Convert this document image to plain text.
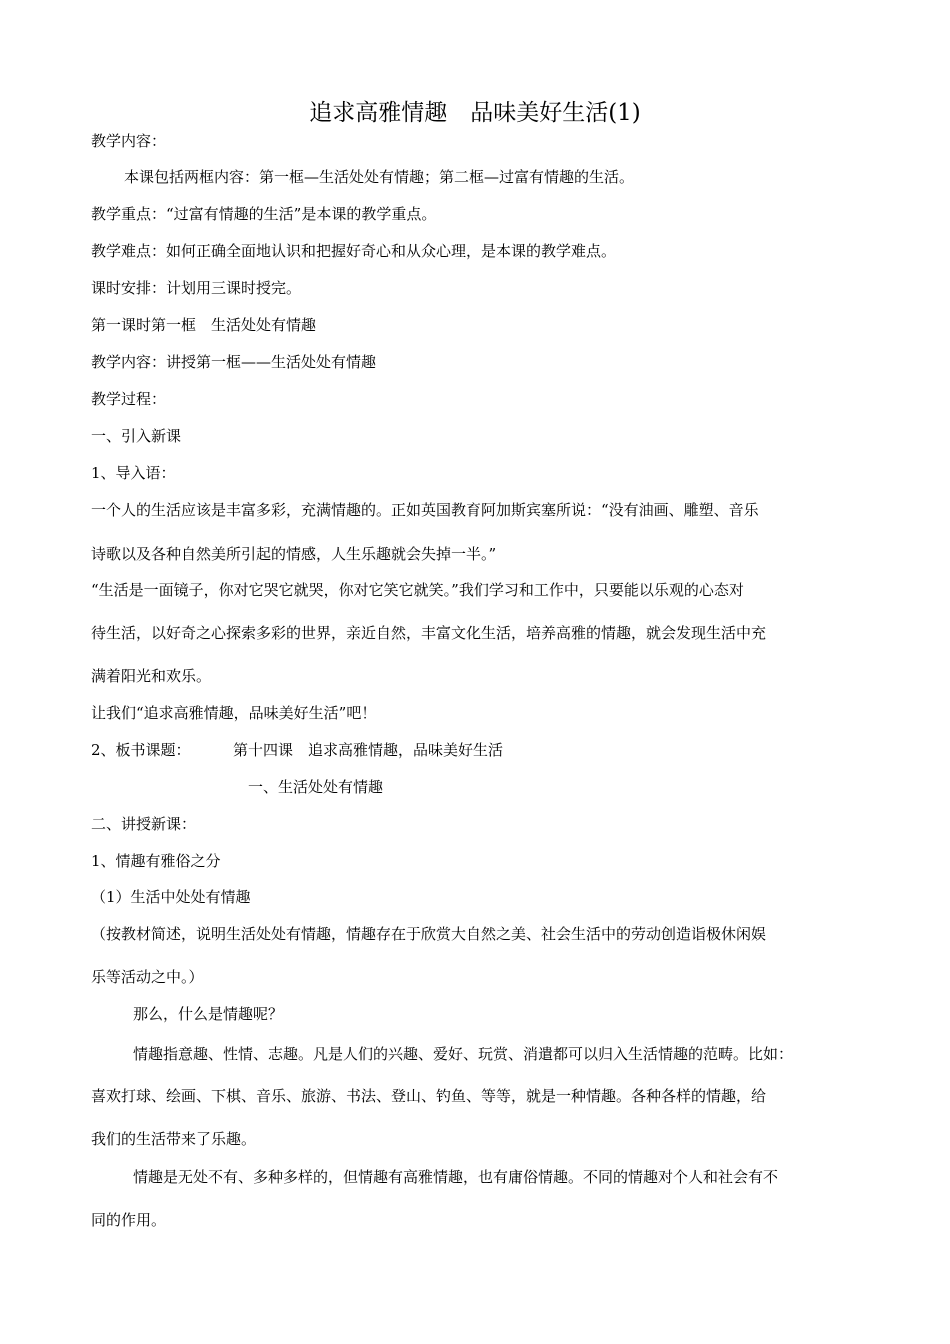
追求高雅情趣　品味美好生活(1)
教学内容：
本课包括两框内容：第一框—生活处处有情趣；第二框—过富有情趣的生活。
教学重点：“过富有情趣的生活”是本课的教学重点。
教学难点：如何正确全面地认识和把握好奇心和从众心理，是本课的教学难点。
课时安排：计划用三课时授完。
第一课时第一框　生活处处有情趣
教学内容：讲授第一框——生活处处有情趣
教学过程：
一、引入新课
1、导入语：
一个人的生活应该是丰富多彩，充满情趣的。正如英国教育阿加斯宾塞所说：“没有油画、雕塑、音乐
诗歌以及各种自然美所引起的情感，人生乐趣就会失掉一半。”
“生活是一面镜子，你对它哭它就哭，你对它笑它就笑。”我们学习和工作中，只要能以乐观的心态对
待生活，以好奇之心探索多彩的世界，亲近自然，丰富文化生活，培养高雅的情趣，就会发现生活中充
满着阳光和欢乐。
让我们“追求高雅情趣，品味美好生活”吧！
2、板书课题：	第十四课　追求高雅情趣，品味美好生活
一、生活处处有情趣
二、讲授新课：
1、情趣有雅俗之分
（1）生活中处处有情趣
（按教材简述，说明生活处处有情趣，情趣存在于欣赏大自然之美、社会生活中的劳动创造诣极休闲娱
乐等活动之中。）
那么，什么是情趣呢？
情趣指意趣、性情、志趣。凡是人们的兴趣、爱好、玩赏、消遣都可以归入生活情趣的范畴。比如：
喜欢打球、绘画、下棋、音乐、旅游、书法、登山、钓鱼、等等，就是一种情趣。各种各样的情趣，给
我们的生活带来了乐趣。
情趣是无处不有、多种多样的，但情趣有高雅情趣，也有庸俗情趣。不同的情趣对个人和社会有不
同的作用。
